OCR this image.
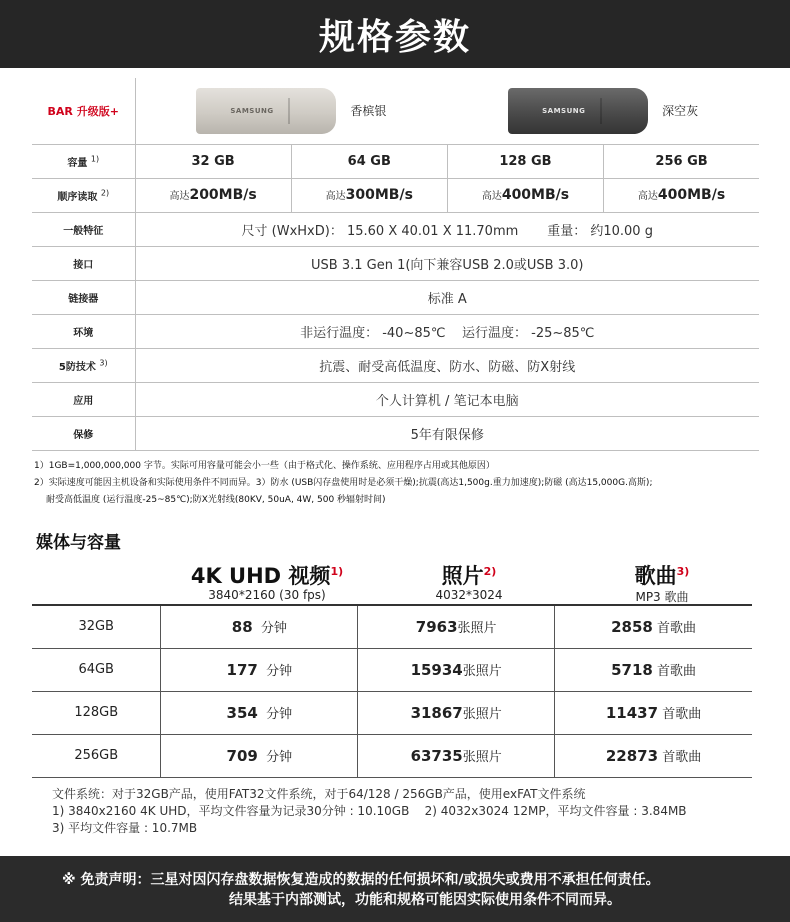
规格参数
BAR 升级版+	SAMSUNG 香槟银 SAMSUNG 深空灰			

容量 $^{1)}$	32 GB	64 GB	128 GB	256 GB
顺序读取 $^{2)}$	高达200MB/s	高达300MB/s	高达400MB/s	高达400MB/s
一般特征	尺寸 (WxHxD)： 15.60 X 40.01 X 11.70mm       重量： 约10.00 g			
接口	USB 3.1 Gen 1(向下兼容USB 2.0或USB 3.0)			
链接器	标准 A			
环境	非运行温度： -40~85℃    运行温度： -25~85℃			
5防技术 $^{3)}$	抗震、耐受高低温度、防水、防磁、防X射线			
应用	个人计算机 / 笔记本电脑			
保修	5年有限保修			
1）1GB=1,000,000,000 字节。实际可用容量可能会小一些（由于格式化、操作系统、应用程序占用或其他原因）
2）实际速度可能因主机设备和实际使用条件不同而异。3）防水 (USB闪存盘使用时是必须干燥);抗震(高达1,500g.重力加速度);防磁 (高达15,000G.高斯);
耐受高低温度 (运行温度-25~85℃);防X光射线(80KV, 50uA, 4W, 500 秒辐射时间)
媒体与容量
4K UHD 视频$^{1)}$
3840*2160 (30 fps)
照片$^{2)}$
4032*3024
歌曲$^{3)}$
MP3 歌曲
32GB	88 分钟	7963张照片	2858 首歌曲
64GB	177 分钟	15934张照片	5718 首歌曲
128GB	354 分钟	31867张照片	11437 首歌曲
256GB	709 分钟	63735张照片	22873 首歌曲
文件系统：对于32GB产品，使用FAT32文件系统，对于64/128 / 256GB产品，使用exFAT文件系统
1) 3840x2160 4K UHD，平均文件容量为记录30分钟 : 10.10GB    2) 4032x3024 12MP，平均文件容量 : 3.84MB
3) 平均文件容量 : 10.7MB
※ 免责声明：三星对因闪存盘数据恢复造成的数据的任何损坏和/或损失或费用不承担任何责任。
结果基于内部测试，功能和规格可能因实际使用条件不同而异。
